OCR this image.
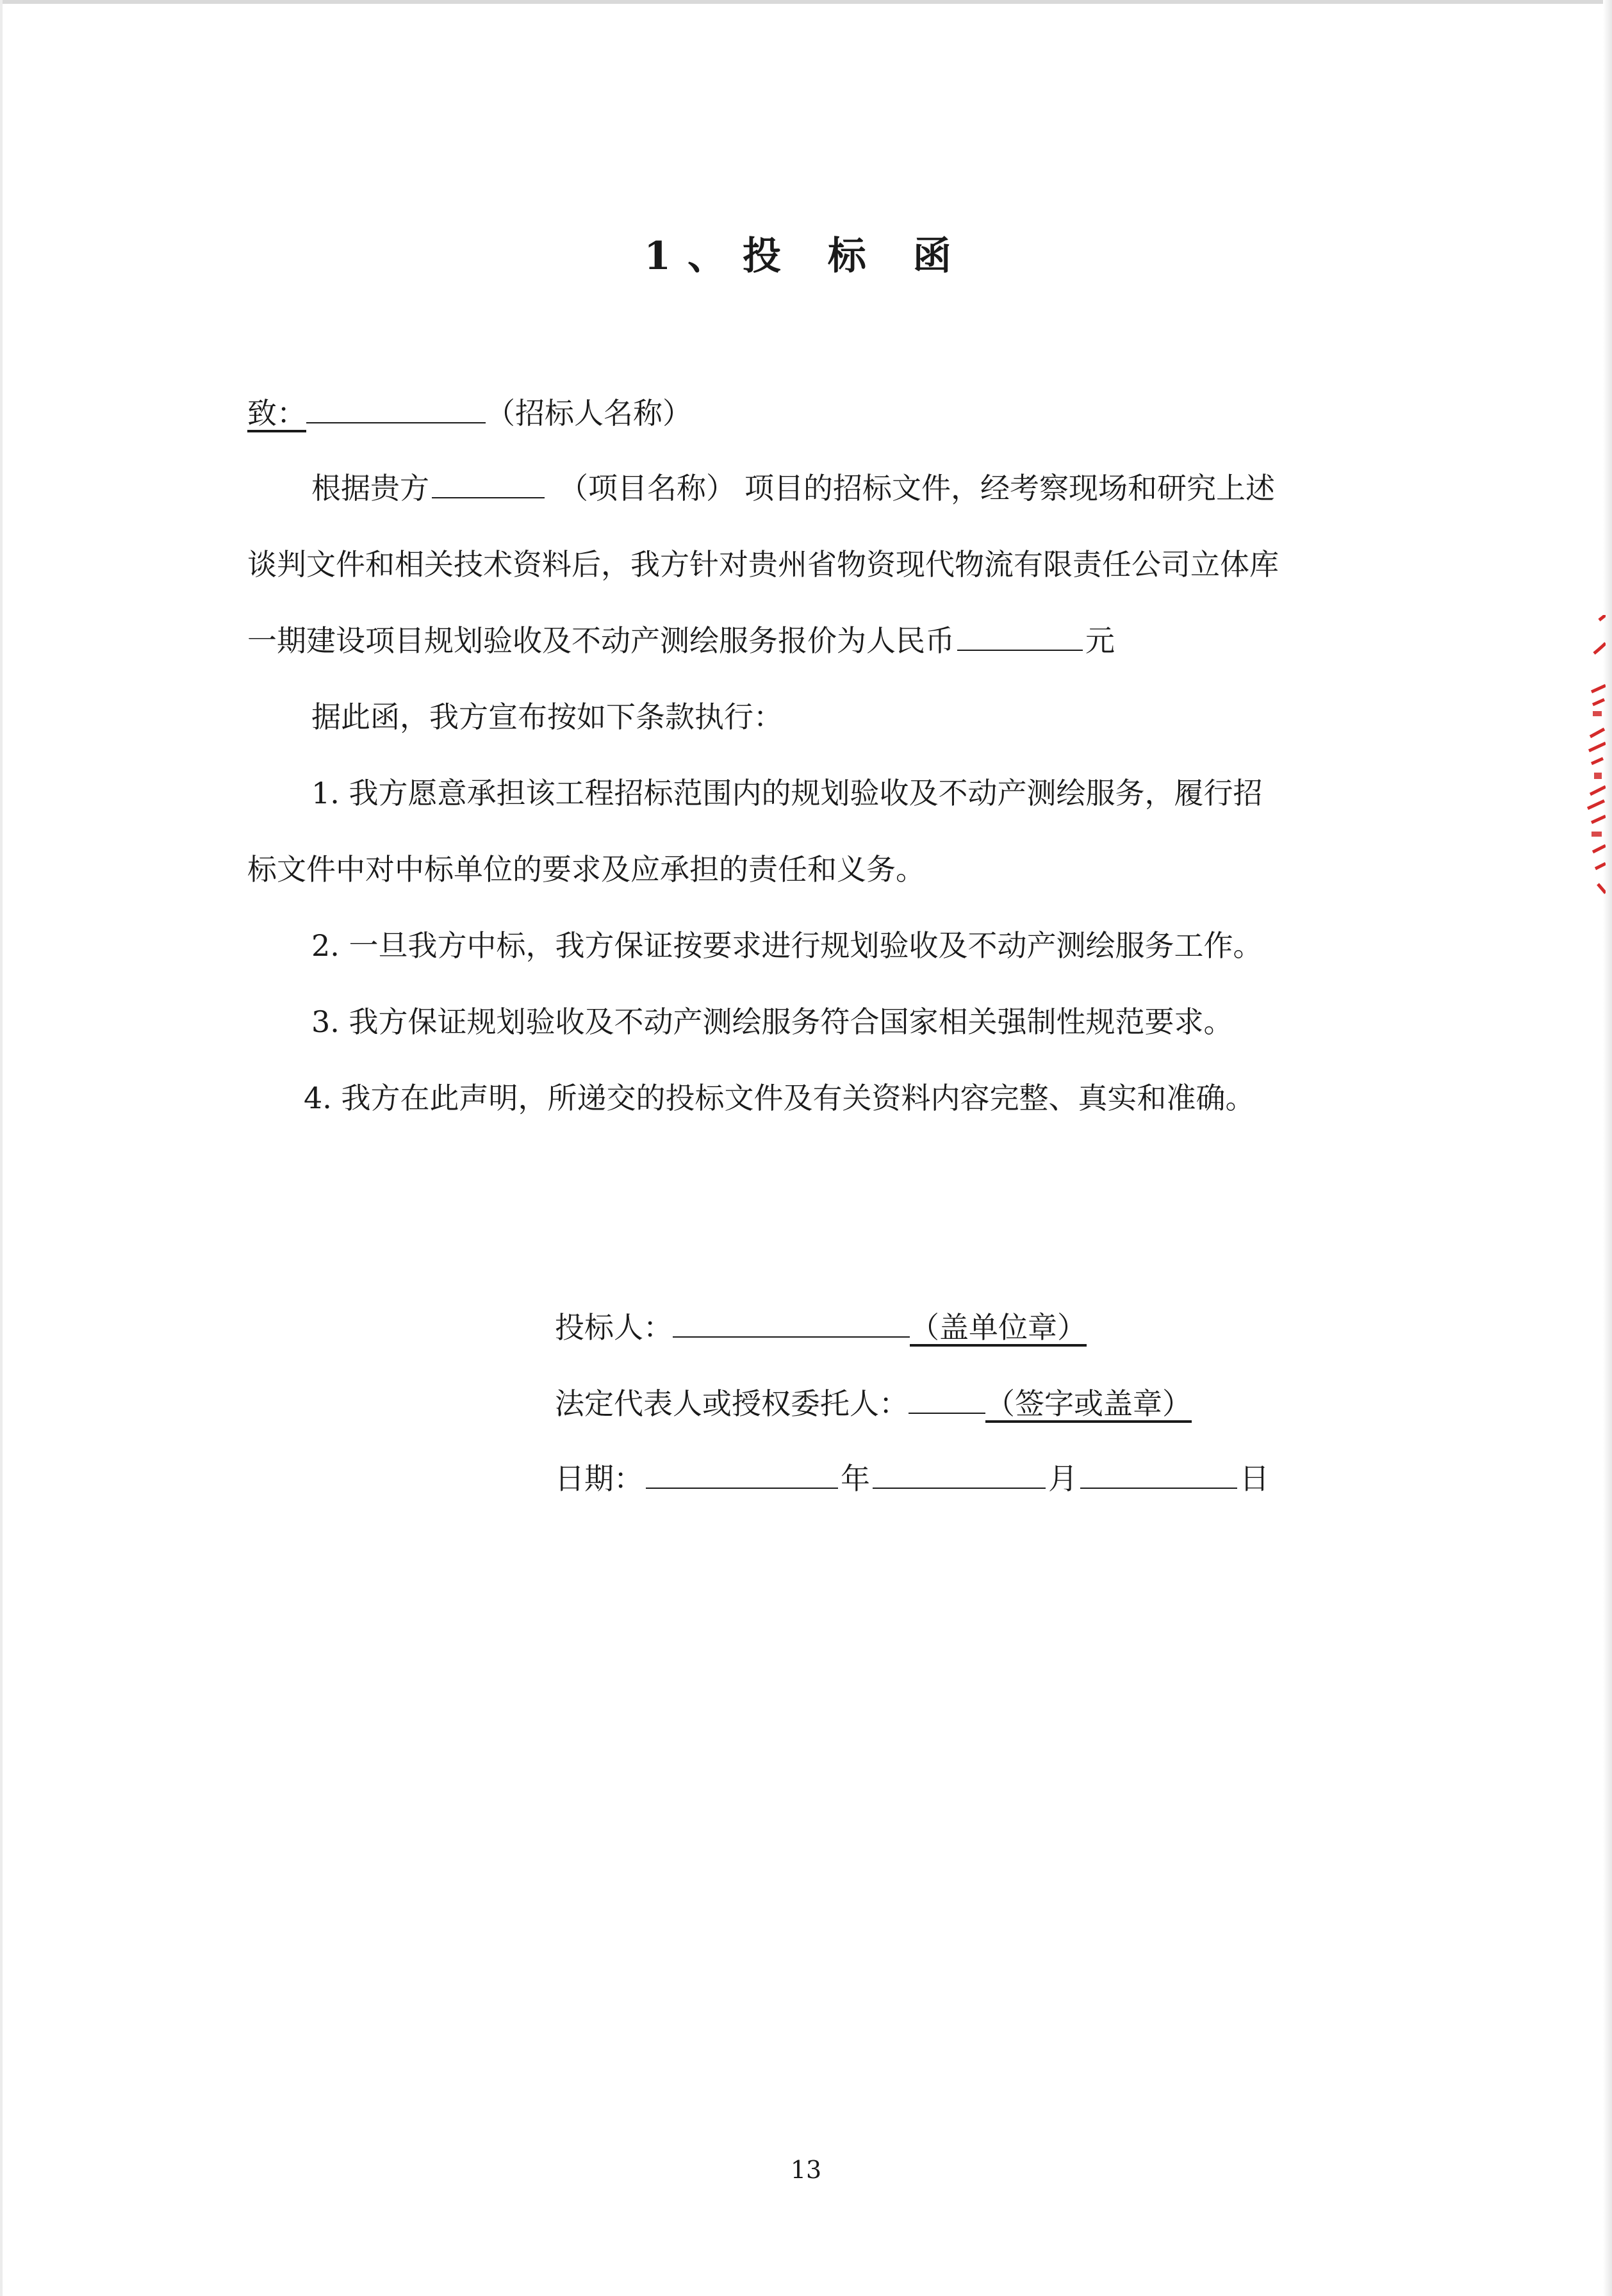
1、投 标 函
致：	（招标人名称）
根据贵方	（项目名称） 项目的招标文件，经考察现场和研究上述
谈判文件和相关技术资料后，我方针对贵州省物资现代物流有限责任公司立体库
一期建设项目规划验收及不动产测绘服务报价为人民币	元
据此函，我方宣布按如下条款执行：
1. 我方愿意承担该工程招标范围内的规划验收及不动产测绘服务，履行招
标文件中对中标单位的要求及应承担的责任和义务。
2. 一旦我方中标，我方保证按要求进行规划验收及不动产测绘服务工作。
3. 我方保证规划验收及不动产测绘服务符合国家相关强制性规范要求。
4. 我方在此声明，所递交的投标文件及有关资料内容完整、真实和准确。
投标人：	（盖单位章）
法定代表人或授权委托人：	（签字或盖章）
日期：	年	月	日
13
